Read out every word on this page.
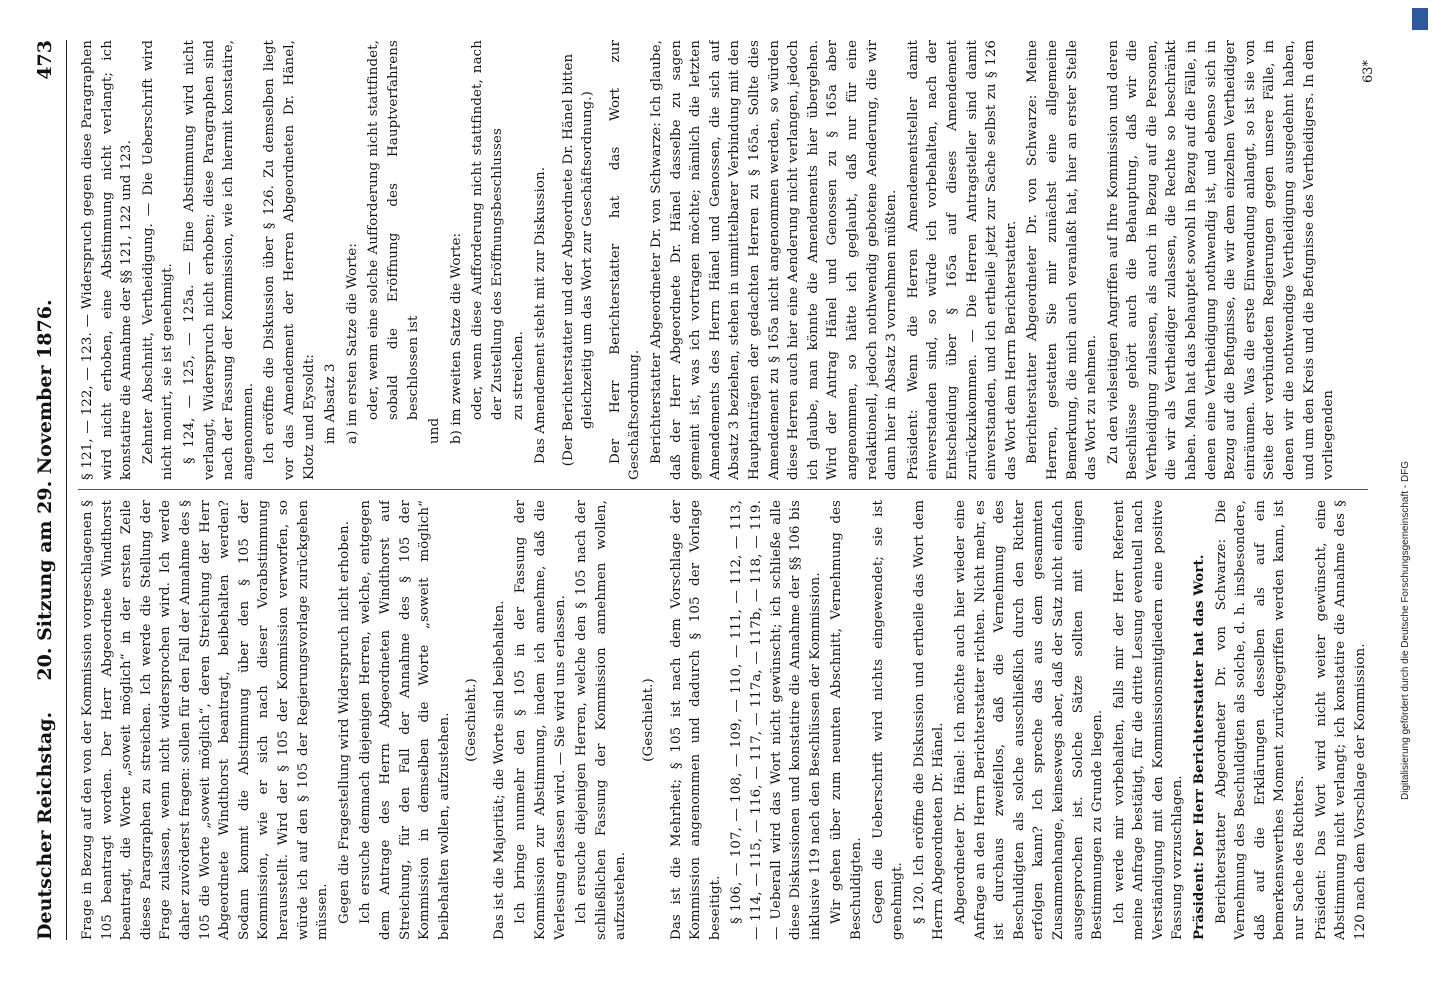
Deutscher Reichstag.
20. Sitzung am 29. November 1876.
473

Frage in Bezug auf den von der Kommission vorgeschlagenen § 105 beantragt worden. Der Herr Abgeordnete Windthorst beantragt, die Worte „soweit möglich“ in der ersten Zeile dieses Paragraphen zu streichen. Ich werde die Stellung der Frage zulassen, wenn nicht widersprochen wird. Ich werde daher zuvörderst fragen: sollen für den Fall der Annahme des § 105 die Worte „soweit möglich“, deren Streichung der Herr Abgeordnete Windthorst beantragt, beibehalten werden? Sodann kommt die Abstimmung über den § 105 der Kommission, wie er sich nach dieser Vorabstimmung herausstellt. Wird der § 105 der Kommission verworfen, so würde ich auf den § 105 der Regierungsvorlage zurückgehen müssen. Gegen die Fragestellung wird Widerspruch nicht erhoben. Ich ersuche demnach diejenigen Herren, welche, entgegen dem Antrage des Herrn Abgeordneten Windthorst auf Streichung, für den Fall der Annahme des § 105 der Kommission in demselben die Worte „soweit möglich“ beibehalten wollen, aufzustehen. (Geschieht.) Das ist die Majorität; die Worte sind beibehalten. Ich bringe nunmehr den § 105 in der Fassung der Kommission zur Abstimmung, indem ich annehme, daß die Verlesung erlassen wird. — Sie wird uns erlassen. Ich ersuche diejenigen Herren, welche den § 105 nach der schließlichen Fassung der Kommission annehmen wollen, aufzustehen.

(Geschieht.) Das ist die Mehrheit; § 105 ist nach dem Vorschlage der Kommission angenommen und dadurch § 105 der Vorlage beseitigt. § 106, — 107, — 108, — 109, — 110, — 111, — 112, — 113, — 114, — 115, — 116, — 117, — 117a, — 117b, — 118, — 119. — Ueberall wird das Wort nicht gewünscht; ich schließe alle diese Diskussionen und konstatire die Annahme der §§ 106 bis inklusive 119 nach den Beschlüssen der Kommission. Wir gehen über zum neunten Abschnitt, Vernehmung des Beschuldigten. Gegen die Ueberschrift wird nichts eingewendet; sie ist genehmigt. § 120. Ich eröffne die Diskussion und ertheile das Wort dem Herrn Abgeordneten Dr. Hänel. Abgeordneter Dr. Hänel: Ich möchte auch hier wieder eine Anfrage an den Herrn Berichterstatter richten. Nicht mehr, es ist durchaus zweifellos, daß die Vernehmung des Beschuldigten als solche ausschließlich durch den Richter erfolgen kann? Ich spreche das aus dem gesammten Zusammenhange, keineswegs aber, daß der Satz nicht einfach ausgesprochen ist. Solche Sätze sollten mit einigen Bestimmungen zu Grunde liegen. Ich werde mir vorbehalten, falls mir der Herr Referent meine Anfrage bestätigt, für die dritte Lesung eventuell nach Verständigung mit den Kommissionsmitgliedern eine positive Fassung vorzuschlagen. Präsident: Der Herr Berichterstatter hat das Wort. Berichterstatter Abgeordneter Dr. von Schwarze: Die Vernehmung des Beschuldigten als solche, d. h. insbesondere, daß auf die Erklärungen desselben als auf ein bemerkenswerthes Moment zurückgegriffen werden kann, ist nur Sache des Richters. Präsident: Das Wort wird nicht weiter gewünscht, eine Abstimmung nicht verlangt; ich konstatire die Annahme des § 120 nach dem Vorschlage der Kommission.

§ 121, — 122, — 123. — Widerspruch gegen diese Paragraphen wird nicht erhoben, eine Abstimmung nicht verlangt; ich konstatire die Annahme der §§ 121, 122 und 123. Zehnter Abschnitt, Vertheidigung. — Die Ueberschrift wird nicht monirt, sie ist genehmigt. § 124, — 125, — 125a. — Eine Abstimmung wird nicht verlangt, Widerspruch nicht erhoben; diese Paragraphen sind nach der Fassung der Kommission, wie ich hiermit konstatire, angenommen. Ich eröffne die Diskussion über § 126. Zu demselben liegt vor das Amendement der Herren Abgeordneten Dr. Hänel, Klotz und Eysoldt: im Absatz 3 a) im ersten Satze die Worte: oder, wenn eine solche Aufforderung nicht stattfindet, sobald die Eröffnung des Hauptverfahrens beschlossen ist

und b) im zweiten Satze die Worte: oder, wenn diese Aufforderung nicht stattfindet, nach der Zustellung des Eröffnungsbeschlusses zu streichen. Das Amendement steht mit zur Diskussion. (Der Berichterstatter und der Abgeordnete Dr. Hänel bitten gleichzeitig um das Wort zur Geschäftsordnung.) Der Herr Berichterstatter hat das Wort zur Geschäftsordnung. Berichterstatter Abgeordneter Dr. von Schwarze: Ich glaube, daß der Herr Abgeordnete Dr. Hänel dasselbe zu sagen gemeint ist, was ich vortragen möchte; nämlich die letzten Amendements des Herrn Hänel und Genossen, die sich auf Absatz 3 beziehen, stehen in unmittelbarer Verbindung mit den Hauptanträgen der gedachten Herren zu § 165a. Sollte dies Amendement zu § 165a nicht angenommen werden, so würden diese Herren auch hier eine Aenderung nicht verlangen, jedoch ich glaube, man könnte die Amendements hier übergehen. Wird der Antrag Hänel und Genossen zu § 165a aber angenommen, so hätte ich geglaubt, daß nur für eine redaktionell, jedoch nothwendig gebotene Aenderung, die wir dann hier in Absatz 3 vornehmen müßten. Präsident: Wenn die Herren Amendementsteller damit einverstanden sind, so würde ich vorbehalten, nach der Entscheidung über § 165a auf dieses Amendement zurückzukommen. — Die Herren Antragsteller sind damit einverstanden, und ich ertheile jetzt zur Sache selbst zu § 126 das Wort dem Herrn Berichterstatter. Berichterstatter Abgeordneter Dr. von Schwarze: Meine Herren, gestatten Sie mir zunächst eine allgemeine Bemerkung, die mich auch veranlaßt hat, hier an erster Stelle das Wort zu nehmen. Zu den vielseitigen Angriffen auf Ihre Kommission und deren Beschlüsse gehört auch die Behauptung, daß wir die Vertheidigung zulassen, als auch in Bezug auf die Personen, die wir als Vertheidiger zulassen, die Rechte so beschränkt haben. Man hat das behauptet sowohl in Bezug auf die Fälle, in denen eine Vertheidigung nothwendig ist, und ebenso sich in Bezug auf die Befugnisse, die wir dem einzelnen Vertheidiger einräumen. Was die erste Einwendung anlangt, so ist sie von Seite der verbündeten Regierungen gegen unsere Fälle, in denen wir die nothwendige Vertheidigung ausgedehnt haben, und um den Kreis und die Befugnisse des Vertheidigers. In dem vorliegenden

63*
Digitalisierung gefördert durch die Deutsche Forschungsgemeinschaft - DFG
